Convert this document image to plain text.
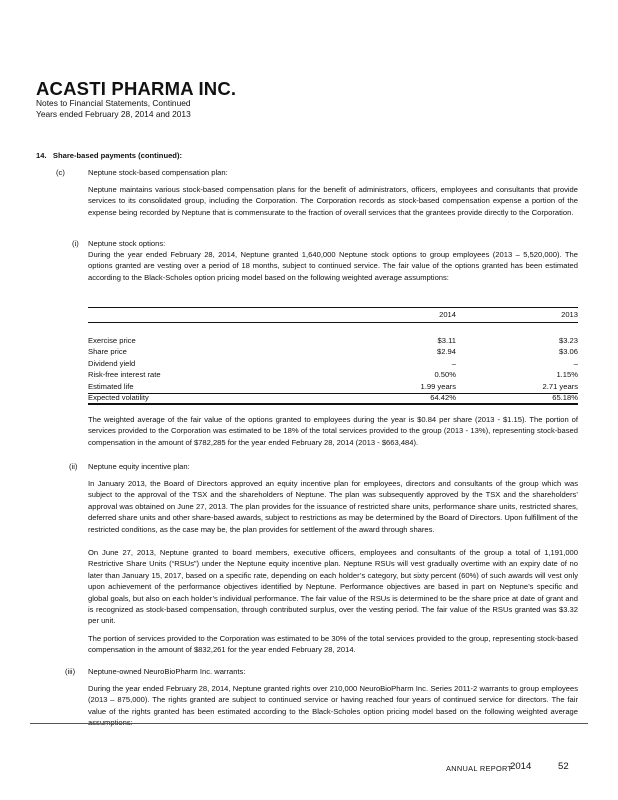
ACASTI PHARMA INC.
Notes to Financial Statements, Continued
Years ended February 28, 2014 and 2013
14.   Share-based payments (continued):
(c)	Neptune stock-based compensation plan:
Neptune maintains various stock-based compensation plans for the benefit of administrators, officers, employees and consultants that provide services to its consolidated group, including the Corporation. The Corporation records as stock-based compensation expense a portion of the expense being recorded by Neptune that is commensurate to the fraction of overall services that the grantees provide directly to the Corporation.
(i) Neptune stock options:
During the year ended February 28, 2014, Neptune granted 1,640,000 Neptune stock options to group employees (2013 – 5,520,000). The options granted are vesting over a period of 18 months, subject to continued service. The fair value of the options granted has been estimated according to the Black-Scholes option pricing model based on the following weighted average assumptions:
	2014	2013
Exercise price	$3.11	$3.23
Share price	$2.94	$3.06
Dividend yield	–	–
Risk-free interest rate	0.50%	1.15%
Estimated life	1.99 years	2.71 years
Expected volatility	64.42%	65.18%
The weighted average of the fair value of the options granted to employees during the year is $0.84 per share (2013 - $1.15). The portion of services provided to the Corporation was estimated to be 18% of the total services provided to the group (2013 - 13%), representing stock-based compensation in the amount of $782,285 for the year ended February 28, 2014 (2013 - $663,484).
(ii) Neptune equity incentive plan:
In January 2013, the Board of Directors approved an equity incentive plan for employees, directors and consultants of the group which was subject to the approval of the TSX and the shareholders of Neptune. The plan was subsequently approved by the TSX and the shareholders’ approval was obtained on June 27, 2013. The plan provides for the issuance of restricted share units, performance share units, restricted shares, deferred share units and other share-based awards, subject to restrictions as may be determined by the Board of Directors. Upon fulfillment of the restricted conditions, as the case may be, the plan provides for settlement of the award through shares.
On June 27, 2013, Neptune granted to board members, executive officers, employees and consultants of the group a total of 1,191,000 Restrictive Share Units (“RSUs”) under the Neptune equity incentive plan. Neptune RSUs will vest gradually overtime with an expiry date of no later than January 15, 2017, based on a specific rate, depending on each holder’s category, but sixty percent (60%) of such awards will vest only upon achievement of the performance objectives identified by Neptune. Performance objectives are based in part on Neptune’s specific and global goals, but also on each holder’s individual performance. The fair value of the RSUs is determined to be the share price at date of grant and is recognized as stock-based compensation, through contributed surplus, over the vesting period. The fair value of the RSUs granted was $3.32 per unit.
The portion of services provided to the Corporation was estimated to be 30% of the total services provided to the group, representing stock-based compensation in the amount of $832,261 for the year ended February 28, 2014.
(iii) Neptune-owned NeuroBioPharm Inc. warrants:
During the year ended February 28, 2014, Neptune granted rights over 210,000 NeuroBioPharm Inc. Series 2011-2 warrants to group employees (2013 – 875,000). The rights granted are subject to continued service or having reached four years of continued service for directors. The fair value of the rights granted has been estimated according to the Black-Scholes option pricing model based on the following weighted average assumptions:
ANNUAL REPORT
2014	52
